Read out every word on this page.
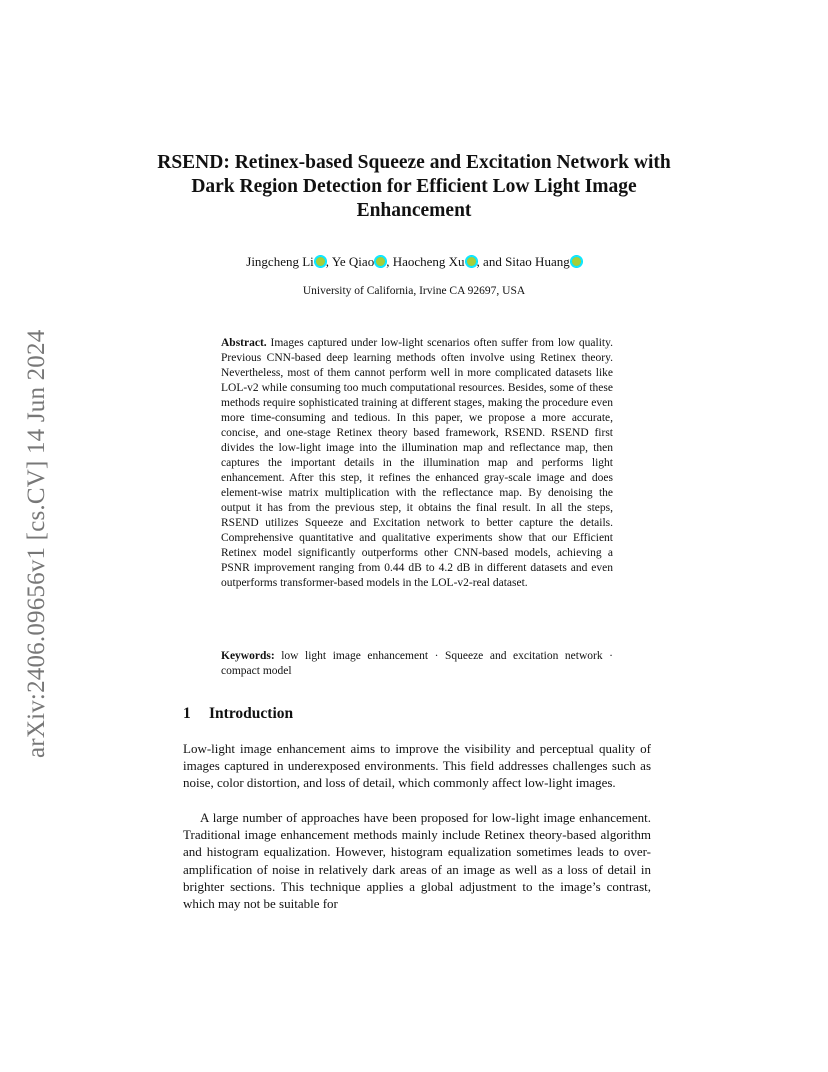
arXiv:2406.09656v1 [cs.CV] 14 Jun 2024
RSEND: Retinex-based Squeeze and Excitation Network with Dark Region Detection for Efficient Low Light Image Enhancement
Jingcheng Li , Ye Qiao , Haocheng Xu , and Sitao Huang
University of California, Irvine CA 92697, USA

Abstract. Images captured under low-light scenarios often suffer from low quality. Previous CNN-based deep learning methods often involve using Retinex theory. Nevertheless, most of them cannot perform well in more complicated datasets like LOL-v2 while consuming too much computational resources. Besides, some of these methods require sophisticated training at different stages, making the procedure even more time-consuming and tedious. In this paper, we propose a more accurate, concise, and one-stage Retinex theory based framework, RSEND. RSEND first divides the low-light image into the illumination map and reflectance map, then captures the important details in the illumination map and performs light enhancement. After this step, it refines the enhanced gray-scale image and does element-wise matrix multiplication with the reflectance map. By denoising the output it has from the previous step, it obtains the final result. In all the steps, RSEND utilizes Squeeze and Excitation network to better capture the details. Comprehensive quantitative and qualitative experiments show that our Efficient Retinex model significantly outperforms other CNN-based models, achieving a PSNR improvement ranging from 0.44 dB to 4.2 dB in different datasets and even outperforms transformer-based models in the LOL-v2-real dataset.

Keywords: low light image enhancement · Squeeze and excitation network · compact model

1 Introduction

Low-light image enhancement aims to improve the visibility and perceptual quality of images captured in underexposed environments. This field addresses challenges such as noise, color distortion, and loss of detail, which commonly affect low-light images.

A large number of approaches have been proposed for low-light image enhancement. Traditional image enhancement methods mainly include Retinex theory-based algorithm and histogram equalization. However, histogram equalization sometimes leads to over-amplification of noise in relatively dark areas of an image as well as a loss of detail in brighter sections. This technique applies a global adjustment to the image’s contrast, which may not be suitable for
